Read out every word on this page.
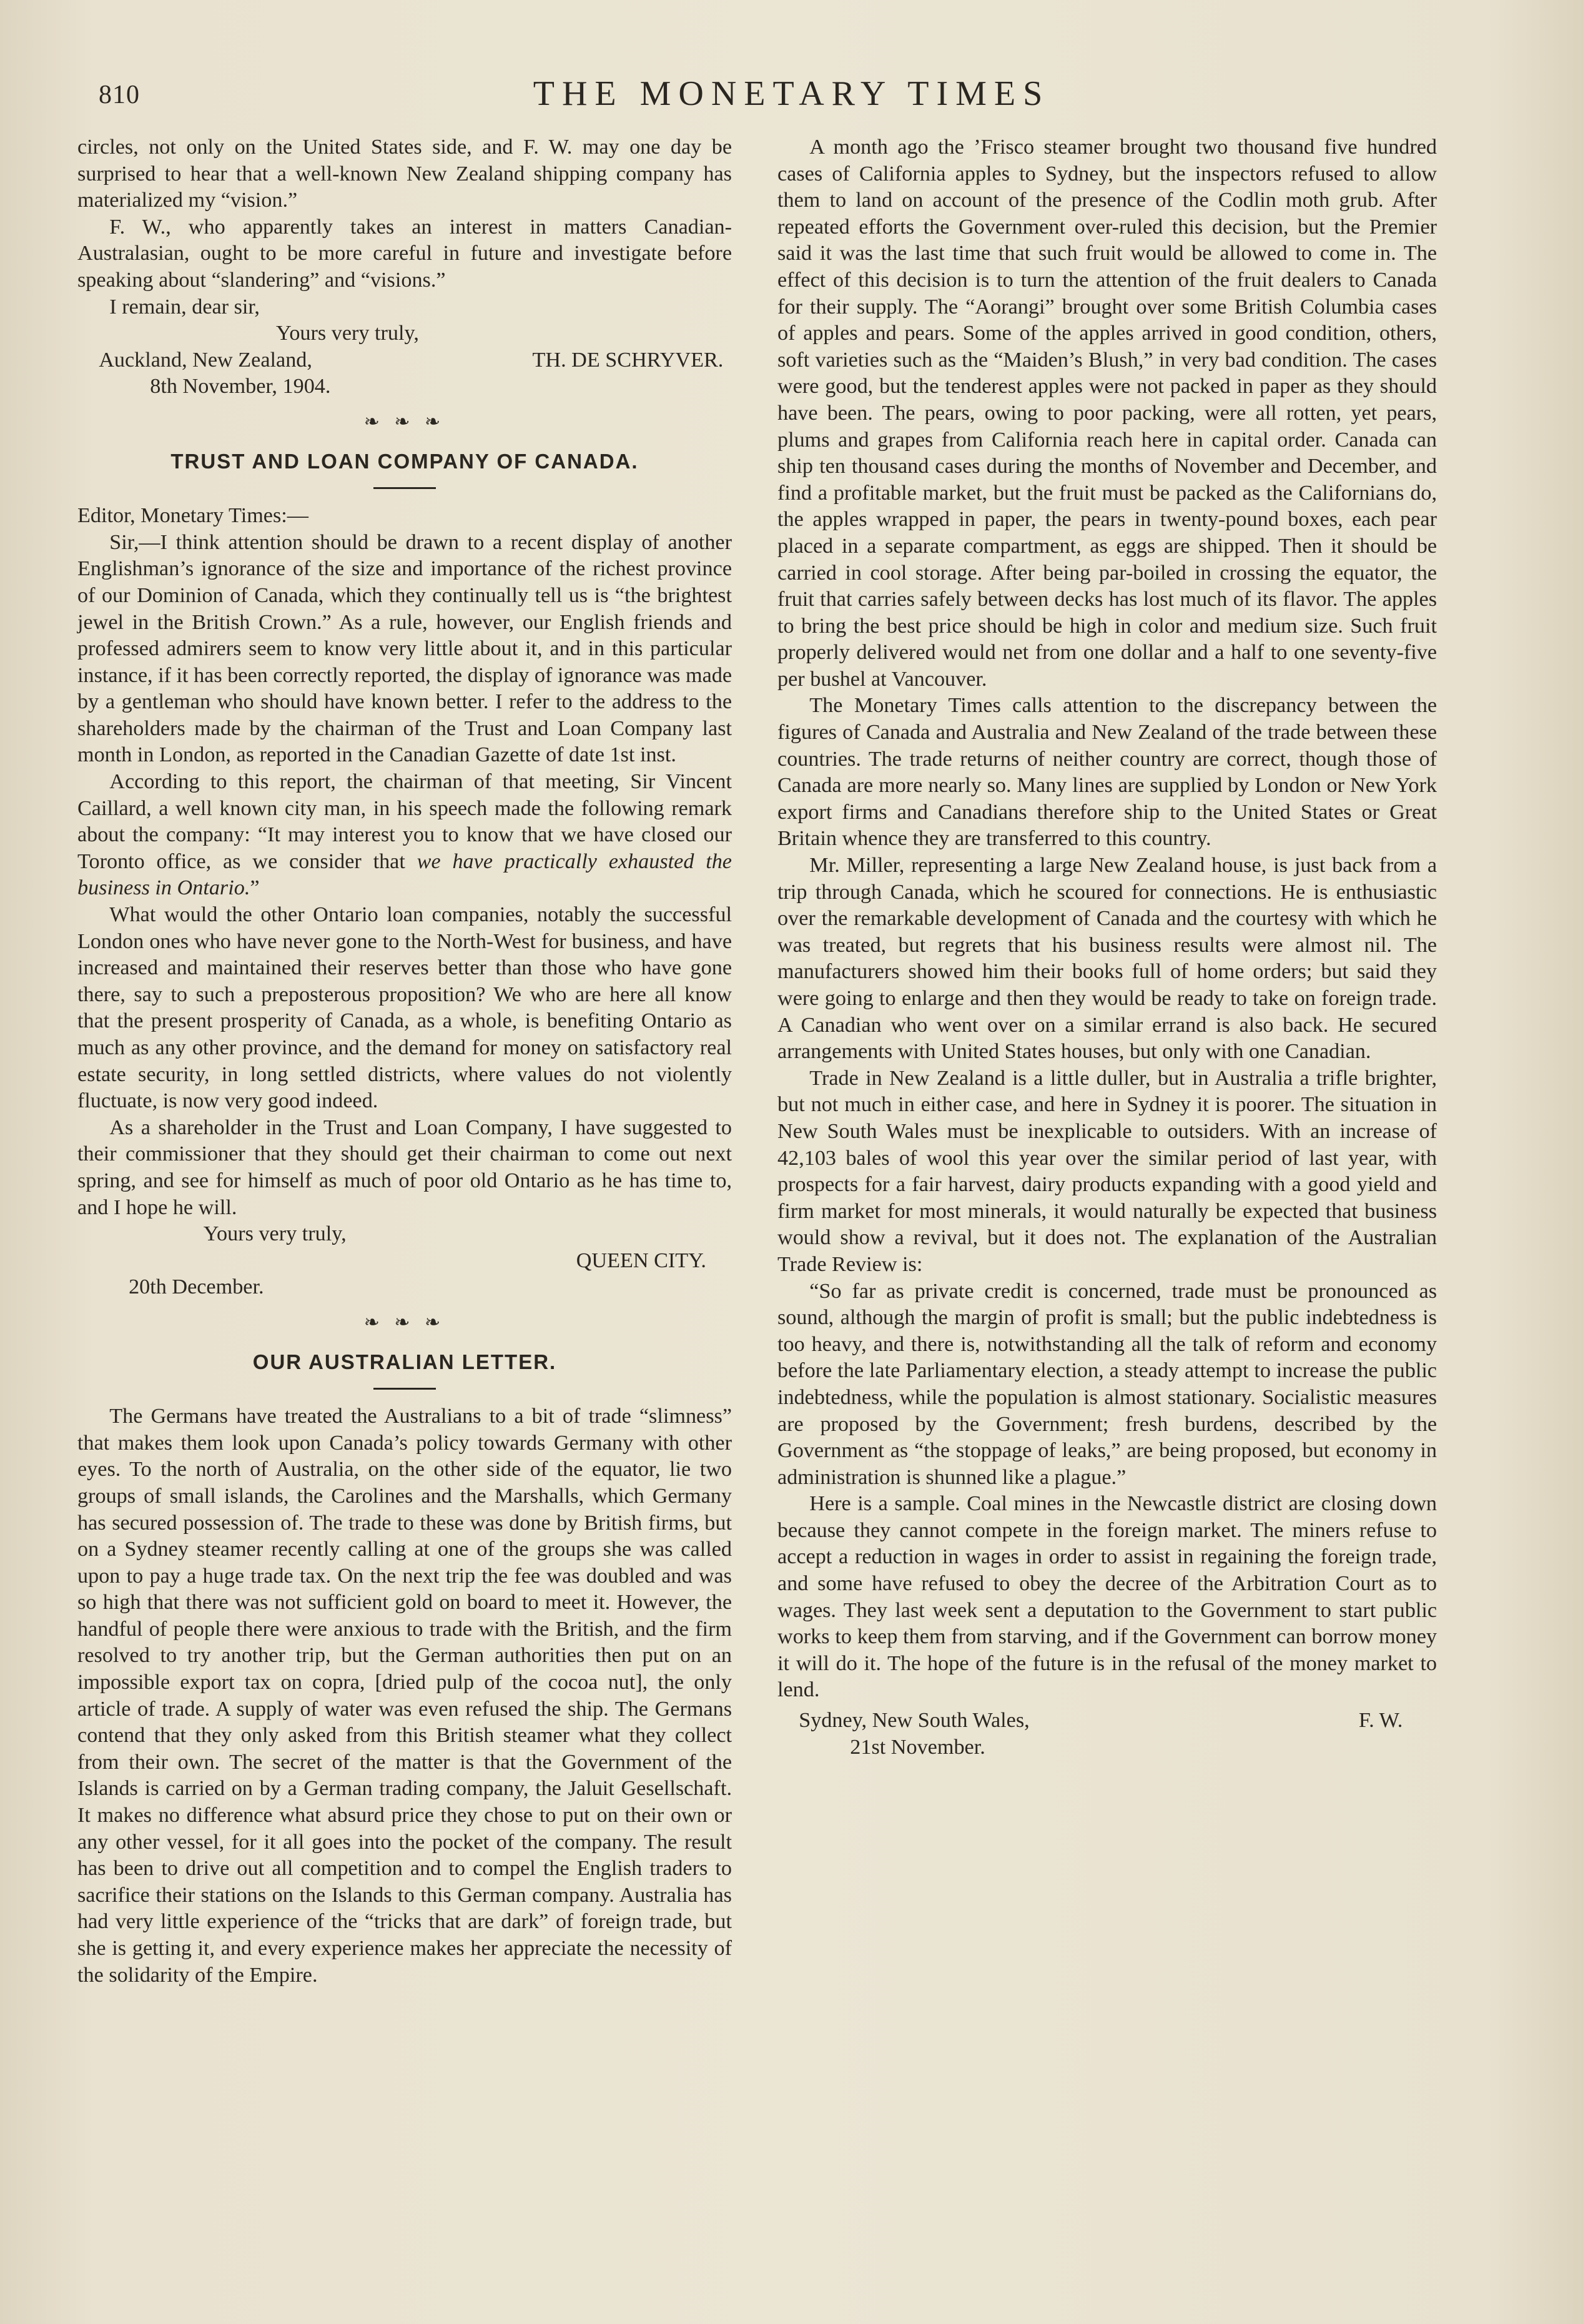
810	THE MONETARY TIMES

circles, not only on the United States side, and F. W. may one day be surprised to hear that a well-known New Zealand shipping company has materialized my “vision.”

F. W., who apparently takes an interest in matters Canadian-Australasian, ought to be more careful in future and investigate before speaking about “slandering” and “visions.”

I remain, dear sir,

Yours very truly,

Auckland, New Zealand,	TH. DE SCHRYVER.

8th November, 1904.

❧ ❧ ❧
TRUST AND LOAN COMPANY OF CANADA.

Editor, Monetary Times:—

Sir,—I think attention should be drawn to a recent display of another Englishman’s ignorance of the size and importance of the richest province of our Dominion of Canada, which they continually tell us is “the brightest jewel in the British Crown.” As a rule, however, our English friends and professed admirers seem to know very little about it, and in this particular instance, if it has been correctly reported, the display of ignorance was made by a gentleman who should have known better. I refer to the address to the shareholders made by the chairman of the Trust and Loan Company last month in London, as reported in the Canadian Gazette of date 1st inst.

According to this report, the chairman of that meeting, Sir Vincent Caillard, a well known city man, in his speech made the following remark about the company: “It may interest you to know that we have closed our Toronto office, as we consider that we have practically exhausted the business in Ontario.”

What would the other Ontario loan companies, notably the successful London ones who have never gone to the North-West for business, and have increased and maintained their reserves better than those who have gone there, say to such a preposterous proposition? We who are here all know that the present prosperity of Canada, as a whole, is benefiting Ontario as much as any other province, and the demand for money on satisfactory real estate security, in long settled districts, where values do not violently fluctuate, is now very good indeed.

As a shareholder in the Trust and Loan Company, I have suggested to their commissioner that they should get their chairman to come out next spring, and see for himself as much of poor old Ontario as he has time to, and I hope he will.

Yours very truly,

QUEEN CITY.

20th December.

❧ ❧ ❧
OUR AUSTRALIAN LETTER.

The Germans have treated the Australians to a bit of trade “slimness” that makes them look upon Canada’s policy towards Germany with other eyes. To the north of Australia, on the other side of the equator, lie two groups of small islands, the Carolines and the Marshalls, which Germany has secured possession of. The trade to these was done by British firms, but on a Sydney steamer recently calling at one of the groups she was called upon to pay a huge trade tax. On the next trip the fee was doubled and was so high that there was not sufficient gold on board to meet it. However, the handful of people there were anxious to trade with the British, and the firm resolved to try another trip, but the German authorities then put on an impossible export tax on copra, [dried pulp of the cocoa nut], the only article of trade. A supply of water was even refused the ship. The Germans contend that they only asked from this British steamer what they collect from their own. The secret of the matter is that the Government of the Islands is carried on by a German trading company, the Jaluit Gesellschaft. It makes no difference what absurd price they chose to put on their own or any other vessel, for it all goes into the pocket of the company. The result has been to drive out all competition and to compel the English traders to sacrifice their stations on the Islands to this German company. Australia has had very little experience of the “tricks that are dark” of foreign trade, but she is getting it, and every experience makes her appreciate the necessity of the solidarity of the Empire.

A month ago the ’Frisco steamer brought two thousand five hundred cases of California apples to Sydney, but the inspectors refused to allow them to land on account of the presence of the Codlin moth grub. After repeated efforts the Government over-ruled this decision, but the Premier said it was the last time that such fruit would be allowed to come in. The effect of this decision is to turn the attention of the fruit dealers to Canada for their supply. The “Aorangi” brought over some British Columbia cases of apples and pears. Some of the apples arrived in good condition, others, soft varieties such as the “Maiden’s Blush,” in very bad condition. The cases were good, but the tenderest apples were not packed in paper as they should have been. The pears, owing to poor packing, were all rotten, yet pears, plums and grapes from California reach here in capital order. Canada can ship ten thousand cases during the months of November and December, and find a profitable market, but the fruit must be packed as the Californians do, the apples wrapped in paper, the pears in twenty-pound boxes, each pear placed in a separate compartment, as eggs are shipped. Then it should be carried in cool storage. After being par-boiled in crossing the equator, the fruit that carries safely between decks has lost much of its flavor. The apples to bring the best price should be high in color and medium size. Such fruit properly delivered would net from one dollar and a half to one seventy-five per bushel at Vancouver.

The Monetary Times calls attention to the discrepancy between the figures of Canada and Australia and New Zealand of the trade between these countries. The trade returns of neither country are correct, though those of Canada are more nearly so. Many lines are supplied by London or New York export firms and Canadians therefore ship to the United States or Great Britain whence they are transferred to this country.

Mr. Miller, representing a large New Zealand house, is just back from a trip through Canada, which he scoured for connections. He is enthusiastic over the remarkable development of Canada and the courtesy with which he was treated, but regrets that his business results were almost nil. The manufacturers showed him their books full of home orders; but said they were going to enlarge and then they would be ready to take on foreign trade. A Canadian who went over on a similar errand is also back. He secured arrangements with United States houses, but only with one Canadian.

Trade in New Zealand is a little duller, but in Australia a trifle brighter, but not much in either case, and here in Sydney it is poorer. The situation in New South Wales must be inexplicable to outsiders. With an increase of 42,103 bales of wool this year over the similar period of last year, with prospects for a fair harvest, dairy products expanding with a good yield and firm market for most minerals, it would naturally be expected that business would show a revival, but it does not. The explanation of the Australian Trade Review is:

“So far as private credit is concerned, trade must be pronounced as sound, although the margin of profit is small; but the public indebtedness is too heavy, and there is, notwithstanding all the talk of reform and economy before the late Parliamentary election, a steady attempt to increase the public indebtedness, while the population is almost stationary. Socialistic measures are proposed by the Government; fresh burdens, described by the Government as “the stoppage of leaks,” are being proposed, but economy in administration is shunned like a plague.”

Here is a sample. Coal mines in the Newcastle district are closing down because they cannot compete in the foreign market. The miners refuse to accept a reduction in wages in order to assist in regaining the foreign trade, and some have refused to obey the decree of the Arbitration Court as to wages. They last week sent a deputation to the Government to start public works to keep them from starving, and if the Government can borrow money it will do it. The hope of the future is in the refusal of the money market to lend.

Sydney, New South Wales,	F. W.

21st November.
